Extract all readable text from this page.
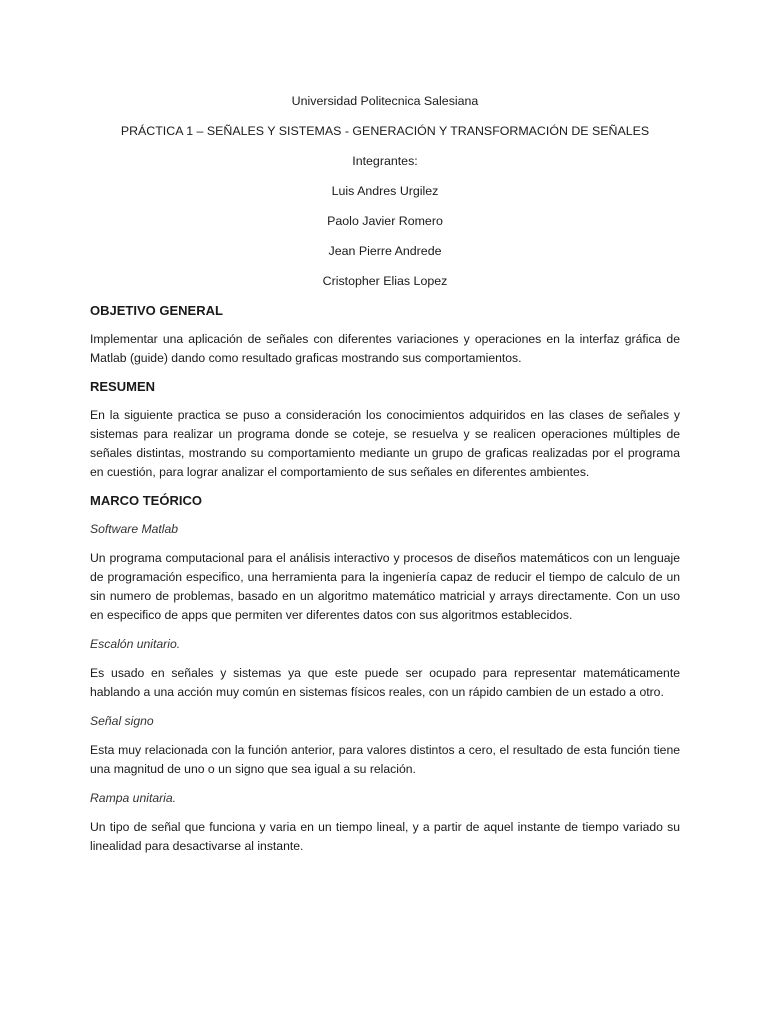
Universidad Politecnica Salesiana

PRÁCTICA 1 – SEÑALES Y SISTEMAS - GENERACIÓN Y TRANSFORMACIÓN DE SEÑALES

Integrantes:

Luis Andres Urgilez

Paolo Javier Romero

Jean Pierre Andrede

Cristopher Elias Lopez

OBJETIVO GENERAL

Implementar una aplicación de señales con diferentes variaciones y operaciones en la interfaz gráfica de Matlab (guide) dando como resultado graficas mostrando sus comportamientos.

RESUMEN

En la siguiente practica se puso a consideración los conocimientos adquiridos en las clases de señales y sistemas para realizar un programa donde se coteje, se resuelva y se realicen operaciones múltiples de señales distintas, mostrando su comportamiento mediante un grupo de graficas realizadas por el programa en cuestión, para lograr analizar el comportamiento de sus señales en diferentes ambientes.

MARCO TEÓRICO

Software Matlab

Un programa computacional para el análisis interactivo y procesos de diseños matemáticos con un lenguaje de programación especifico, una herramienta para la ingeniería capaz de reducir el tiempo de calculo de un sin numero de problemas, basado en un algoritmo matemático matricial y arrays directamente. Con un uso en especifico de apps que permiten ver diferentes datos con sus algoritmos establecidos.

Escalón unitario.

Es usado en señales y sistemas ya que este puede ser ocupado para representar matemáticamente hablando a una acción muy común en sistemas físicos reales, con un rápido cambien de un estado a otro.

Señal signo

Esta muy relacionada con la función anterior, para valores distintos a cero, el resultado de esta función tiene una magnitud de uno o un signo que sea igual a su relación.

Rampa unitaria.

Un tipo de señal que funciona y varia en un tiempo lineal, y a partir de aquel instante de tiempo variado su linealidad para desactivarse al instante.
